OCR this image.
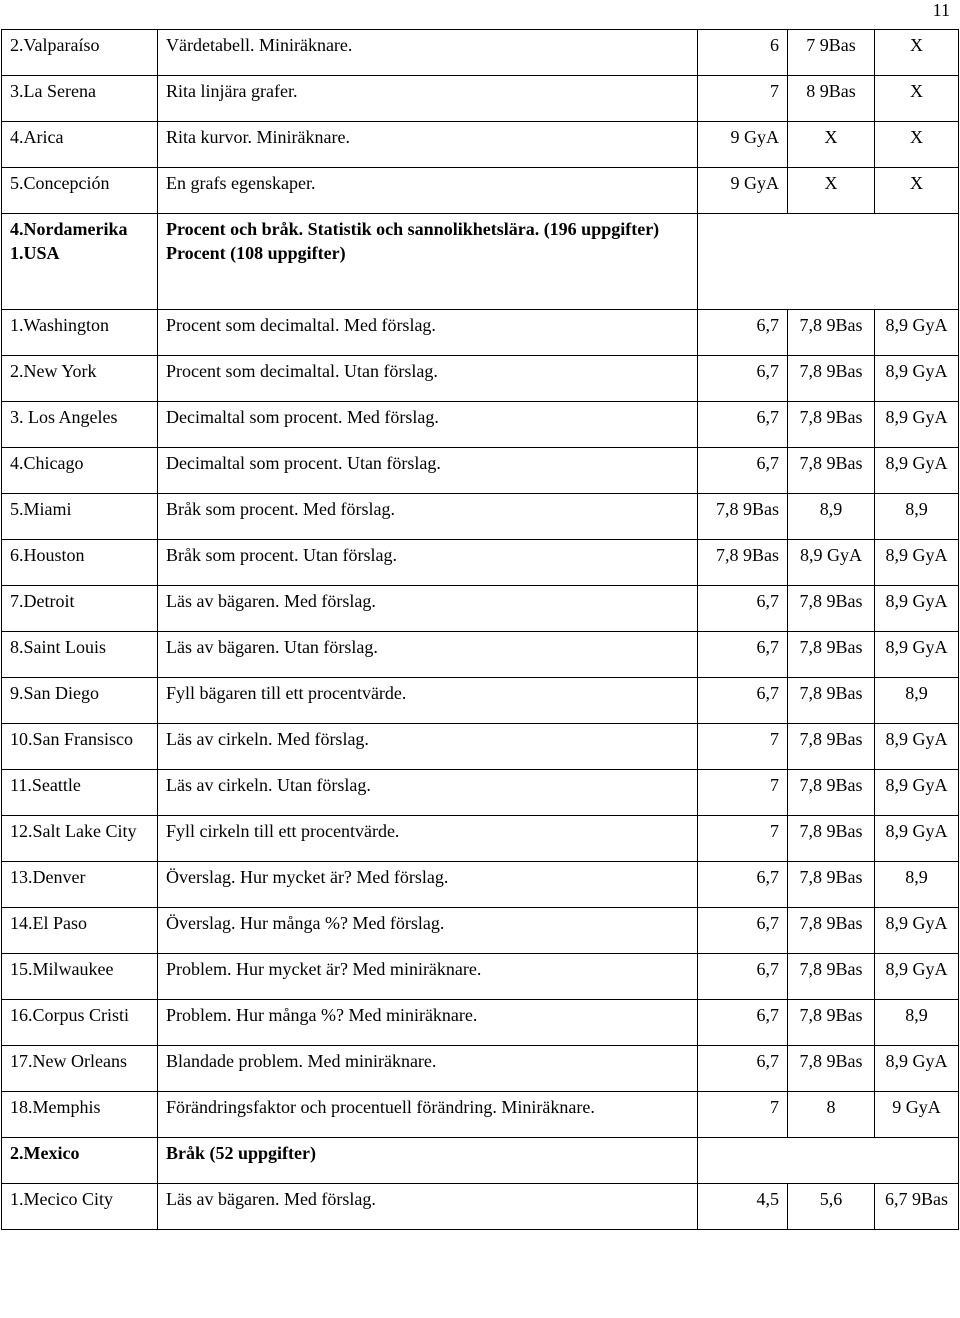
11
2.Valparaíso	Värdetabell. Miniräknare.	6	7 9Bas	X
3.La Serena	Rita linjära grafer.	7	8 9Bas	X
4.Arica	Rita kurvor. Miniräknare.	9 GyA	X	X
5.Concepción	En grafs egenskaper.	9 GyA	X	X
4.Nordamerika 1.USA	Procent och bråk. Statistik och sannolikhetslära. (196 uppgifter) Procent (108 uppgifter)			
1.Washington	Procent som decimaltal. Med förslag.	6,7	7,8 9Bas	8,9 GyA
2.New York	Procent som decimaltal. Utan förslag.	6,7	7,8 9Bas	8,9 GyA
3. Los Angeles	Decimaltal som procent. Med förslag.	6,7	7,8 9Bas	8,9 GyA
4.Chicago	Decimaltal som procent. Utan förslag.	6,7	7,8 9Bas	8,9 GyA
5.Miami	Bråk som procent. Med förslag.	7,8 9Bas	8,9	8,9
6.Houston	Bråk som procent. Utan förslag.	7,8 9Bas	8,9 GyA	8,9 GyA
7.Detroit	Läs av bägaren. Med förslag.	6,7	7,8 9Bas	8,9 GyA
8.Saint Louis	Läs av bägaren. Utan förslag.	6,7	7,8 9Bas	8,9 GyA
9.San Diego	Fyll bägaren till ett procentvärde.	6,7	7,8 9Bas	8,9
10.San Fransisco	Läs av cirkeln. Med förslag.	7	7,8 9Bas	8,9 GyA
11.Seattle	Läs av cirkeln. Utan förslag.	7	7,8 9Bas	8,9 GyA
12.Salt Lake City	Fyll cirkeln till ett procentvärde.	7	7,8 9Bas	8,9 GyA
13.Denver	Överslag. Hur mycket är? Med förslag.	6,7	7,8 9Bas	8,9
14.El Paso	Överslag. Hur många %? Med förslag.	6,7	7,8 9Bas	8,9 GyA
15.Milwaukee	Problem. Hur mycket är? Med miniräknare.	6,7	7,8 9Bas	8,9 GyA
16.Corpus Cristi	Problem. Hur många %? Med miniräknare.	6,7	7,8 9Bas	8,9
17.New Orleans	Blandade problem. Med miniräknare.	6,7	7,8 9Bas	8,9 GyA
18.Memphis	Förändringsfaktor och procentuell förändring. Miniräknare.	7	8	9 GyA
2.Mexico	Bråk (52 uppgifter)			
1.Mecico City	Läs av bägaren. Med förslag.	4,5	5,6	6,7 9Bas
